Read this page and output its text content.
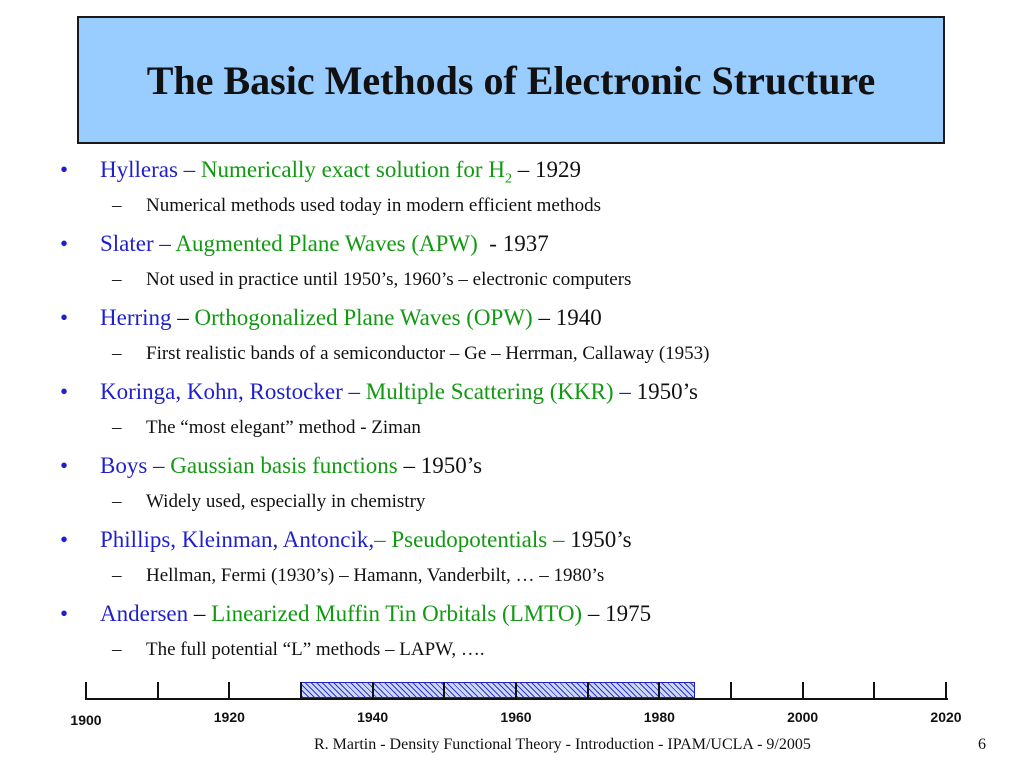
The Basic Methods of Electronic Structure
• Hylleras – Numerically exact solution for $H_2 - 1929$
– Numerical methods used today in modern efficient methods
• Slater – Augmented Plane Waves (APW)  - 1937
– Not used in practice until 1950’s, 1960’s – electronic computers
• Herring – Orthogonalized Plane Waves (OPW) – 1940
– First realistic bands of a semiconductor – Ge – Herrman, Callaway (1953)
• Koringa, Kohn, Rostocker – Multiple Scattering (KKR) – 1950’s
– The “most elegant” method - Ziman
• Boys – Gaussian basis functions – 1950’s
– Widely used, especially in chemistry
• Phillips, Kleinman, Antoncik,– Pseudopotentials – 1950’s
– Hellman, Fermi (1930’s) – Hamann, Vanderbilt, … – 1980’s
• Andersen – Linearized Muffin Tin Orbitals (LMTO) – 1975
– The full potential “L” methods – LAPW, ….
1900	1920	1940	1960	1980	2000	2020
R. Martin - Density Functional Theory - Introduction - IPAM/UCLA - 9/2005	6
